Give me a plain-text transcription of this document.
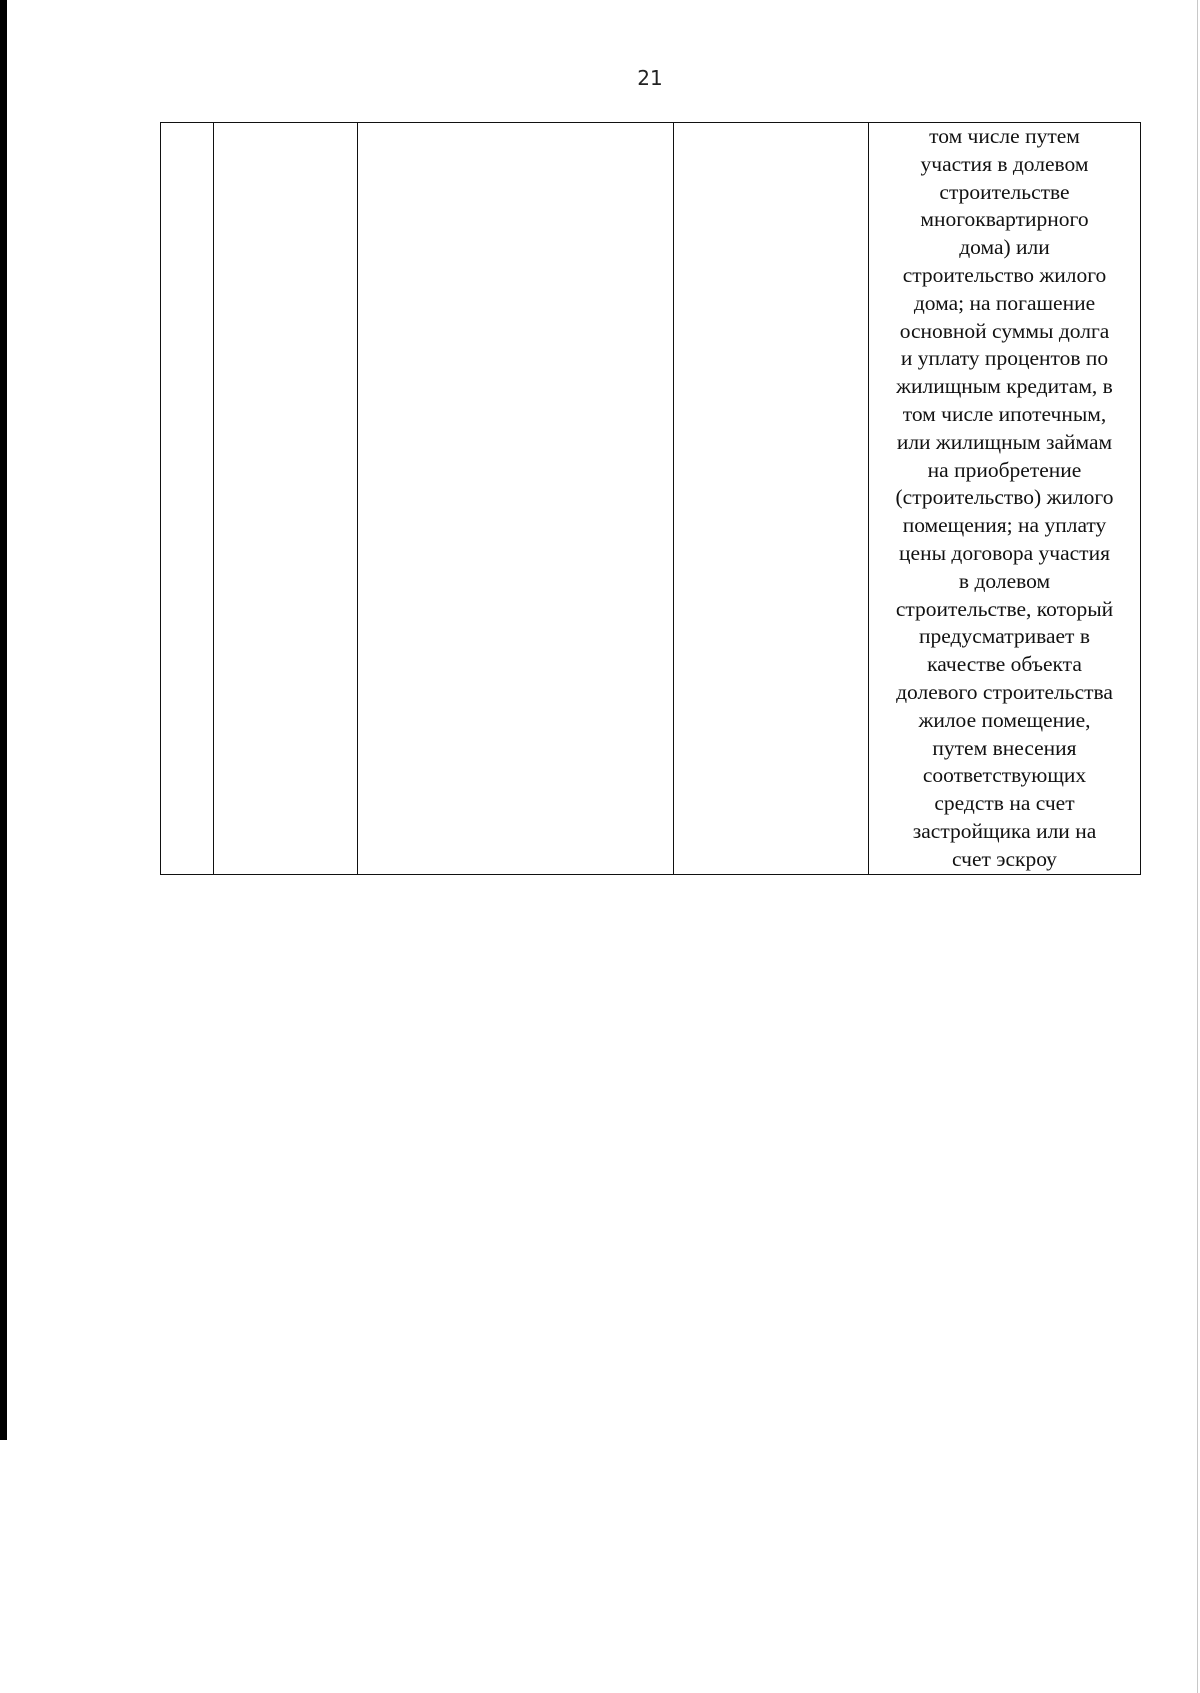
21
				том числе путем
участия в долевом
строительстве
многоквартирного
дома) или
строительство жилого
дома; на погашение
основной суммы долга
и уплату процентов по
жилищным кредитам, в
том числе ипотечным,
или жилищным займам
на приобретение
(строительство) жилого
помещения; на уплату
цены договора участия
в долевом
строительстве, который
предусматривает в
качестве объекта
долевого строительства
жилое помещение,
путем внесения
соответствующих
средств на счет
застройщика или на
счет эскроу
